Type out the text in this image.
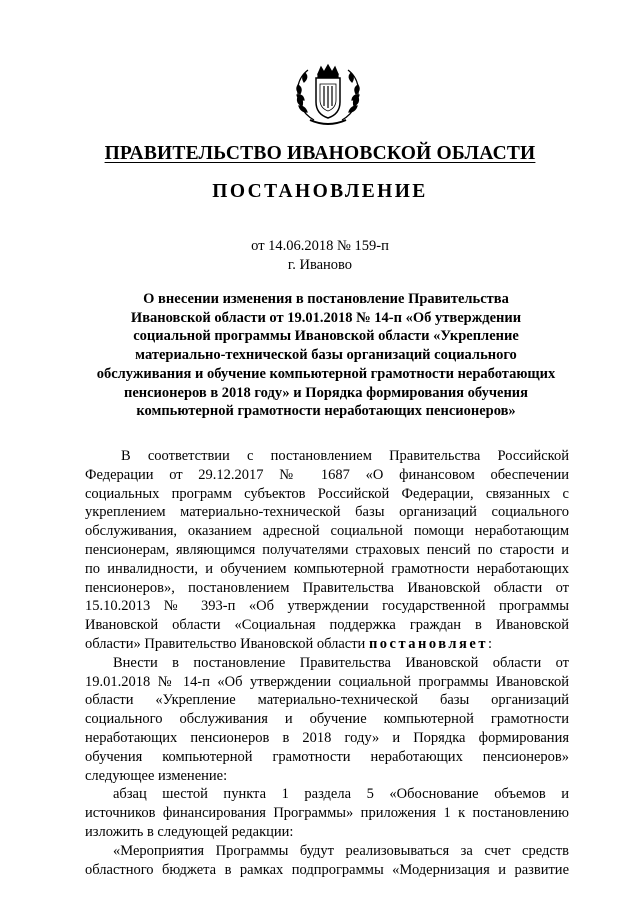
ПРАВИТЕЛЬСТВО ИВАНОВСКОЙ ОБЛАСТИ
ПОСТАНОВЛЕНИЕ
от 14.06.2018 № 159-п
г. Иваново
О внесении изменения в постановление Правительства
Ивановской области от 19.01.2018 № 14-п «Об утверждении
социальной программы Ивановской области «Укрепление
материально-технической базы организаций социального
обслуживания и обучение компьютерной грамотности неработающих
пенсионеров в 2018 году» и Порядка формирования обучения
компьютерной грамотности неработающих пенсионеров»

В соответствии с постановлением Правительства Российской
Федерации от 29.12.2017 № 1687 «О финансовом обеспечении
социальных программ субъектов Российской Федерации, связанных с
укреплением материально-технической базы организаций социального
обслуживания, оказанием адресной социальной помощи неработающим
пенсионерам, являющимся получателями страховых пенсий по старости и
по инвалидности, и обучением компьютерной грамотности неработающих
пенсионеров», постановлением Правительства Ивановской области от
15.10.2013 № 393-п «Об утверждении государственной программы
Ивановской области «Социальная поддержка граждан в Ивановской
области» Правительство Ивановской области постановляет:

Внести в постановление Правительства Ивановской области от
19.01.2018 № 14-п «Об утверждении социальной программы Ивановской
области «Укрепление материально-технической базы организаций
социального обслуживания и обучение компьютерной грамотности
неработающих пенсионеров в 2018 году» и Порядка формирования
обучения компьютерной грамотности неработающих пенсионеров»
следующее изменение:

абзац шестой пункта 1 раздела 5 «Обоснование объемов и
источников финансирования Программы» приложения 1 к постановлению
изложить в следующей редакции:

«Мероприятия Программы будут реализовываться за счет средств
областного бюджета в рамках подпрограммы «Модернизация и развитие
